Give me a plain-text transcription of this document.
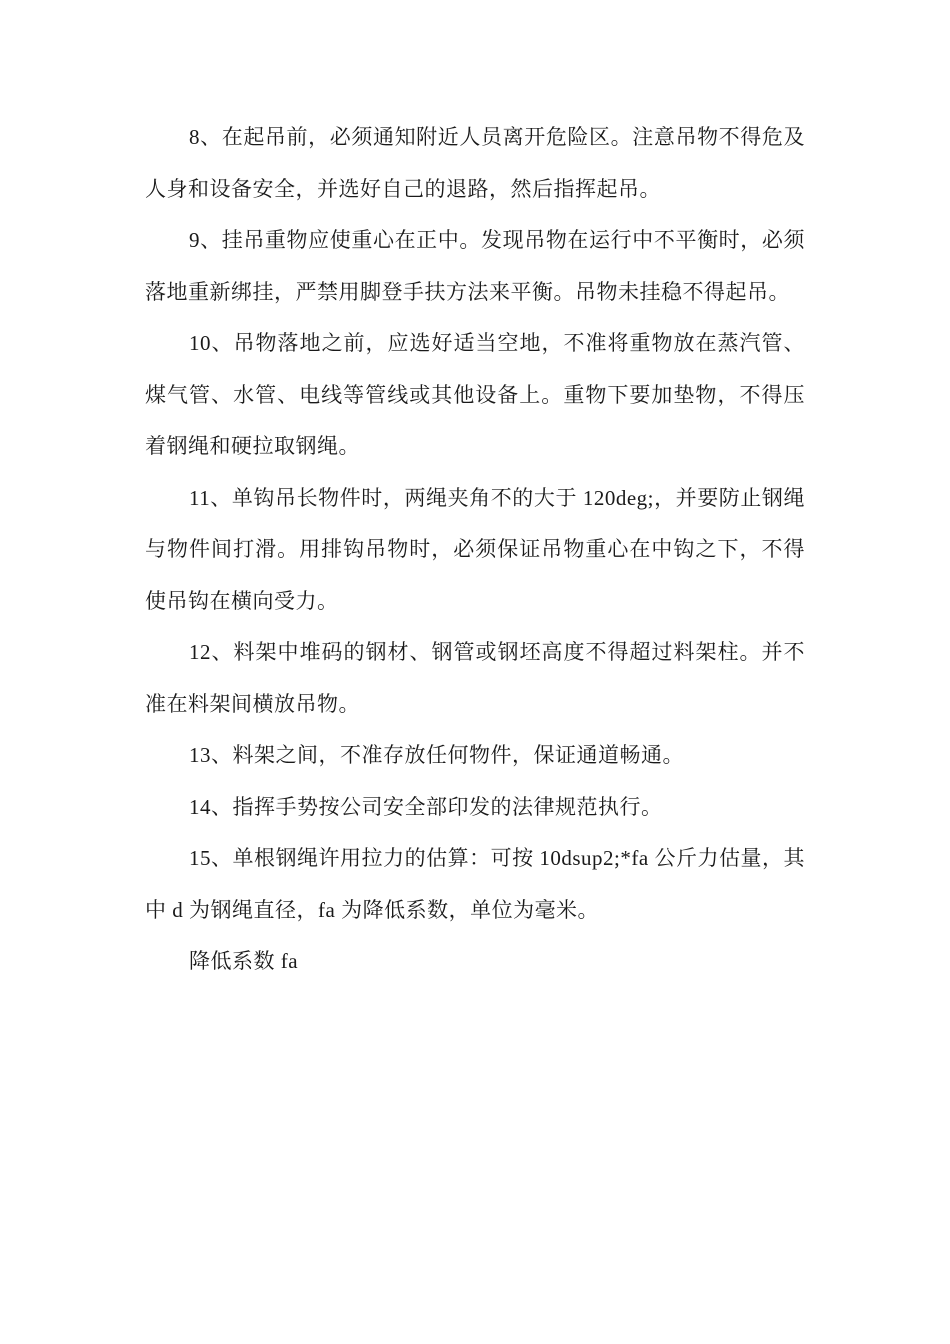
8、在起吊前，必须通知附近人员离开危险区。注意吊物不得危及人身和设备安全，并选好自己的退路，然后指挥起吊。

9、挂吊重物应使重心在正中。发现吊物在运行中不平衡时，必须落地重新绑挂，严禁用脚登手扶方法来平衡。吊物未挂稳不得起吊。

10、吊物落地之前，应选好适当空地，不准将重物放在蒸汽管、煤气管、水管、电线等管线或其他设备上。重物下要加垫物，不得压着钢绳和硬拉取钢绳。

11、单钩吊长物件时，两绳夹角不的大于 120deg;，并要防止钢绳与物件间打滑。用排钩吊物时，必须保证吊物重心在中钩之下，不得使吊钩在横向受力。

12、料架中堆码的钢材、钢管或钢坯高度不得超过料架柱。并不准在料架间横放吊物。

13、料架之间，不准存放任何物件，保证通道畅通。

14、指挥手势按公司安全部印发的法律规范执行。

15、单根钢绳许用拉力的估算：可按 10dsup2;*fa 公斤力估量，其中 d 为钢绳直径，fa 为降低系数，单位为毫米。

降低系数 fa
